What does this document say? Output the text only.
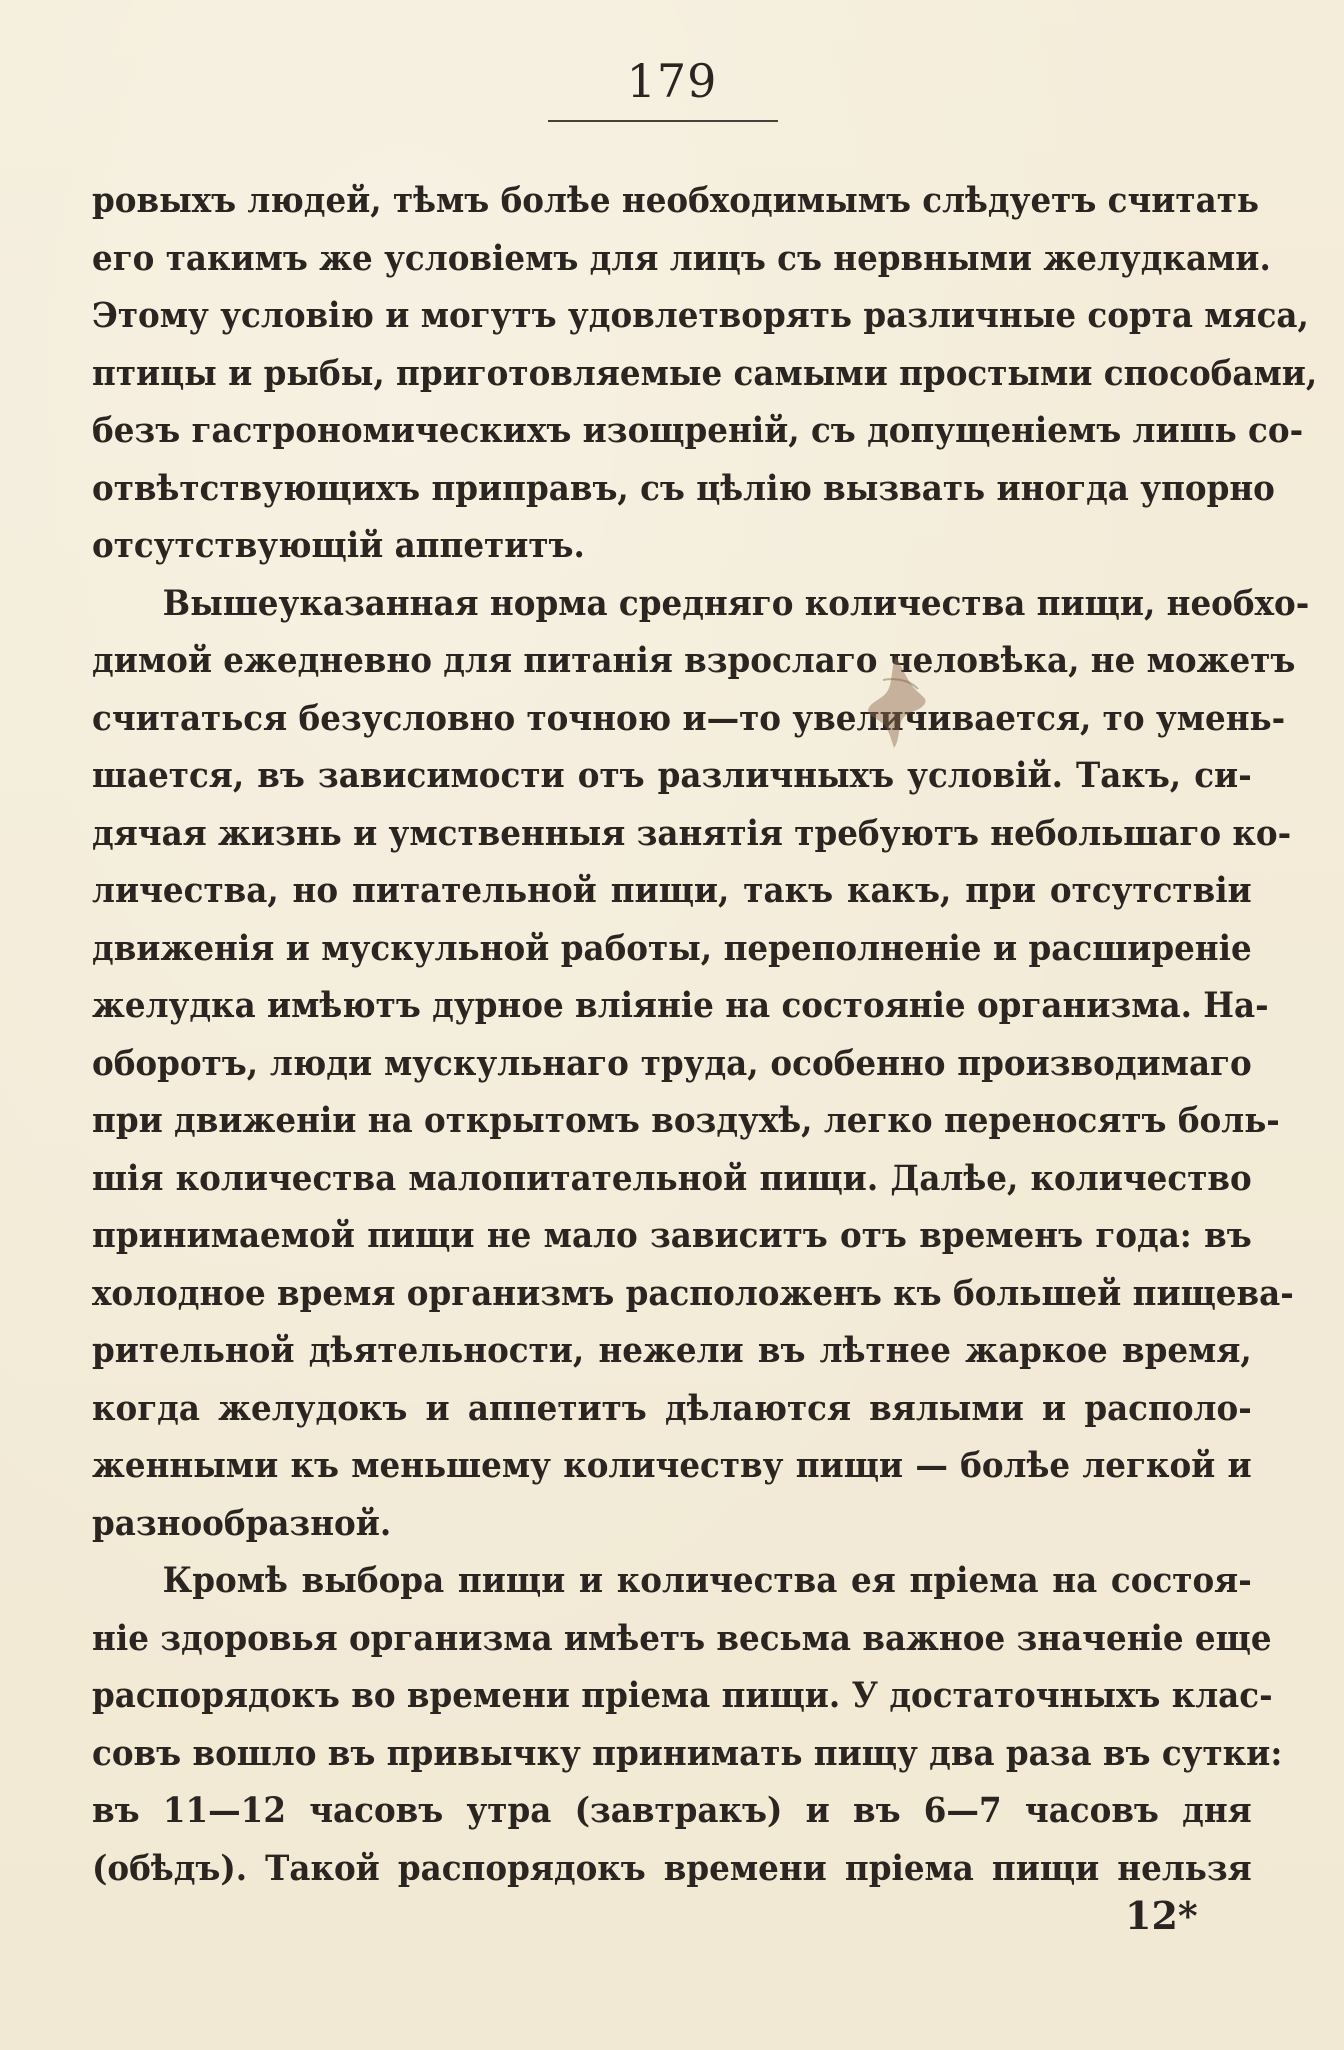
179
ровыхъ людей, тѣмъ болѣе необходимымъ слѣдуетъ считать
его такимъ же условіемъ для лицъ съ нервными желудками.
Этому условію и могутъ удовлетворять различные сорта мяса,
птицы и рыбы, приготовляемые самыми простыми способами,
безъ гастрономическихъ изощреній, съ допущеніемъ лишь со-
отвѣтствующихъ приправъ, съ цѣлію вызвать иногда упорно
отсутствующій аппетитъ.
Вышеуказанная норма средняго количества пищи, необхо-
димой ежедневно для питанія взрослаго человѣка, не можетъ
считаться безусловно точною и—то увеличивается, то умень-
шается, въ зависимости отъ различныхъ условій. Такъ, си-
дячая жизнь и умственныя занятія требуютъ небольшаго ко-
личества, но питательной пищи, такъ какъ, при отсутствіи
движенія и мускульной работы, переполненіе и расширеніе
желудка имѣютъ дурное вліяніе на состояніе организма. На-
оборотъ, люди мускульнаго труда, особенно производимаго
при движеніи на открытомъ воздухѣ, легко переносятъ боль-
шія количества малопитательной пищи. Далѣе, количество
принимаемой пищи не мало зависитъ отъ временъ года: въ
холодное время организмъ расположенъ къ большей пищева-
рительной дѣятельности, нежели въ лѣтнее жаркое время,
когда желудокъ и аппетитъ дѣлаются вялыми и располо-
женными къ меньшему количеству пищи — болѣе легкой и
разнообразной.
Кромѣ выбора пищи и количества ея пріема на состоя-
ніе здоровья организма имѣетъ весьма важное значеніе еще
распорядокъ во времени пріема пищи. У достаточныхъ клас-
совъ вошло въ привычку принимать пищу два раза въ сутки:
въ 11—12 часовъ утра (завтракъ) и въ 6—7 часовъ дня
(обѣдъ). Такой распорядокъ времени пріема пищи нельзя
12*
